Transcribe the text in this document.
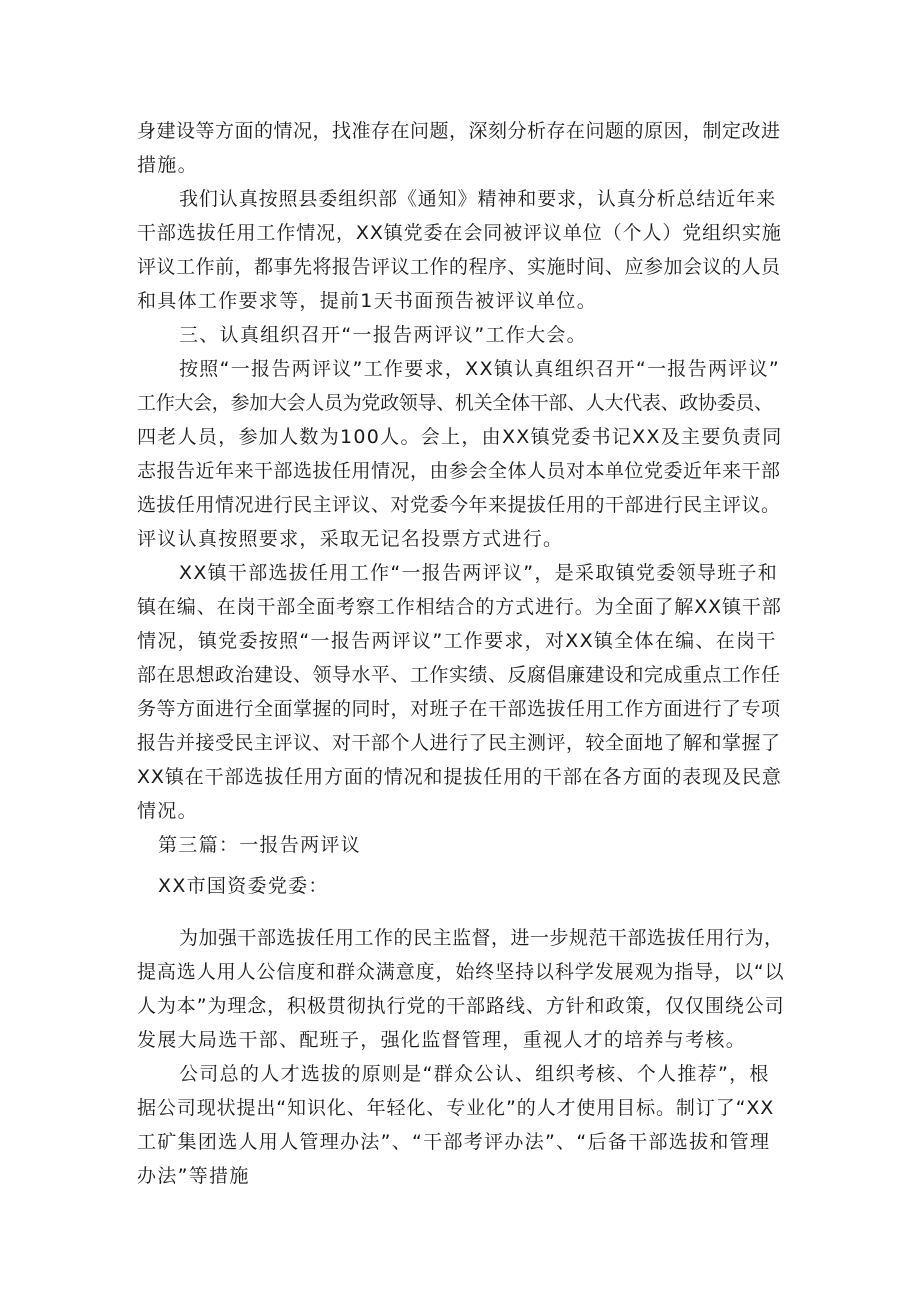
身建设等方面的情况，找准存在问题，深刻分析存在问题的原因，制定改进
措施。
我们认真按照县委组织部《通知》精神和要求，认真分析总结近年来
干部选拔任用工作情况，XX镇党委在会同被评议单位（个人）党组织实施
评议工作前，都事先将报告评议工作的程序、实施时间、应参加会议的人员
和具体工作要求等，提前1天书面预告被评议单位。
三、认真组织召开“一报告两评议”工作大会。
按照“一报告两评议”工作要求，XX镇认真组织召开“一报告两评议”
工作大会，参加大会人员为党政领导、机关全体干部、人大代表、政协委员、
四老人员，参加人数为100人。会上，由XX镇党委书记XX及主要负责同
志报告近年来干部选拔任用情况，由参会全体人员对本单位党委近年来干部
选拔任用情况进行民主评议、对党委今年来提拔任用的干部进行民主评议。
评议认真按照要求，采取无记名投票方式进行。
XX镇干部选拔任用工作“一报告两评议”，是采取镇党委领导班子和
镇在编、在岗干部全面考察工作相结合的方式进行。为全面了解XX镇干部
情况，镇党委按照“一报告两评议”工作要求，对XX镇全体在编、在岗干
部在思想政治建设、领导水平、工作实绩、反腐倡廉建设和完成重点工作任
务等方面进行全面掌握的同时，对班子在干部选拔任用工作方面进行了专项
报告并接受民主评议、对干部个人进行了民主测评，较全面地了解和掌握了
XX镇在干部选拔任用方面的情况和提拔任用的干部在各方面的表现及民意
情况。
第三篇：一报告两评议
XX市国资委党委：
为加强干部选拔任用工作的民主监督，进一步规范干部选拔任用行为，
提高选人用人公信度和群众满意度，始终坚持以科学发展观为指导，以“以
人为本”为理念，积极贯彻执行党的干部路线、方针和政策，仅仅围绕公司
发展大局选干部、配班子，强化监督管理，重视人才的培养与考核。
公司总的人才选拔的原则是“群众公认、组织考核、个人推荐”，根
据公司现状提出“知识化、年轻化、专业化”的人才使用目标。制订了“XX
工矿集团选人用人管理办法”、“干部考评办法”、“后备干部选拔和管理
办法”等措施
